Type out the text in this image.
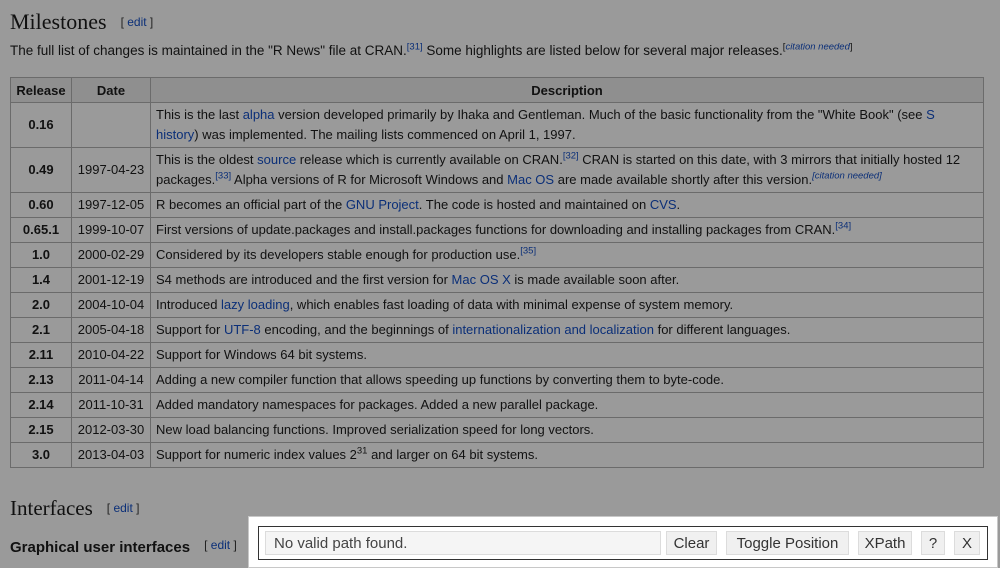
Milestones [ edit ]
The full list of changes is maintained in the "R News" file at CRAN.[31] Some highlights are listed below for several major releases.[citation needed]
Release	Date	Description
0.16		This is the last alpha version developed primarily by Ihaka and Gentleman. Much of the basic functionality from the "White Book" (see S history) was implemented. The mailing lists commenced on April 1, 1997.
0.49	1997-04-23	This is the oldest source release which is currently available on CRAN.[32] CRAN is started on this date, with 3 mirrors that initially hosted 12 packages.[33] Alpha versions of R for Microsoft Windows and Mac OS are made available shortly after this version.[citation needed]
0.60	1997-12-05	R becomes an official part of the GNU Project. The code is hosted and maintained on CVS.
0.65.1	1999-10-07	First versions of update.packages and install.packages functions for downloading and installing packages from CRAN.[34]
1.0	2000-02-29	Considered by its developers stable enough for production use.[35]
1.4	2001-12-19	S4 methods are introduced and the first version for Mac OS X is made available soon after.
2.0	2004-10-04	Introduced lazy loading, which enables fast loading of data with minimal expense of system memory.
2.1	2005-04-18	Support for UTF-8 encoding, and the beginnings of internationalization and localization for different languages.
2.11	2010-04-22	Support for Windows 64 bit systems.
2.13	2011-04-14	Adding a new compiler function that allows speeding up functions by converting them to byte-code.
2.14	2011-10-31	Added mandatory namespaces for packages. Added a new parallel package.
2.15	2012-03-30	New load balancing functions. Improved serialization speed for long vectors.
3.0	2013-04-03	Support for numeric index values $2^{31}$ and larger on 64 bit systems.
Interfaces [ edit ]
Graphical user interfaces [ edit ]
No valid path found.	Clear	Toggle Position	XPath	?	X
